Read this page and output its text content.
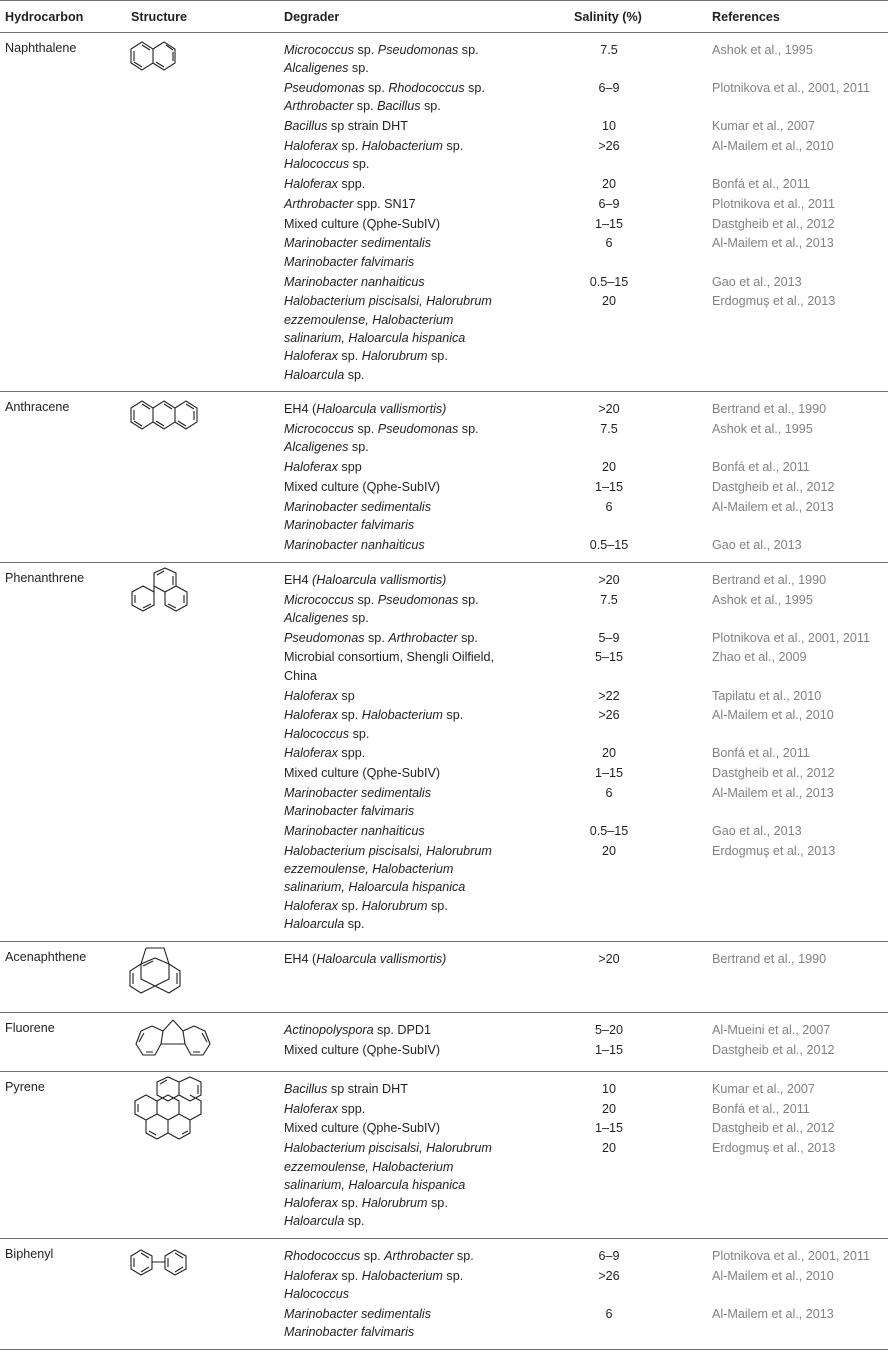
Hydrocarbon	Structure	Degrader	Salinity (%)	References
Naphthalene	Micrococcus sp. Pseudomonas sp.
Alcaligenes sp.
7.5	Ashok et al., 1995
Pseudomonas sp. Rhodococcus sp.
Arthrobacter sp. Bacillus sp.
6–9	Plotnikova et al., 2001, 2011
Bacillus sp strain DHT	10	Kumar et al., 2007
Haloferax sp. Halobacterium sp.
Halococcus sp.
>26	Al-Mailem et al., 2010
Haloferax spp.	20	Bonfá et al., 2011
Arthrobacter spp. SN17	6–9	Plotnikova et al., 2011
Mixed culture (Qphe-SubIV)	1–15	Dastgheib et al., 2012
Marinobacter sedimentalis
Marinobacter falvimaris
6	Al-Mailem et al., 2013
Marinobacter nanhaiticus	0.5–15	Gao et al., 2013
Halobacterium piscisalsi, Halorubrum
ezzemoulense, Halobacterium
salinarium, Haloarcula hispanica
Haloferax sp. Halorubrum sp.
Haloarcula sp.
20	Erdogmuş et al., 2013
Anthracene	EH4 (Haloarcula vallismortis)	>20	Bertrand et al., 1990
Micrococcus sp. Pseudomonas sp.
Alcaligenes sp.
7.5	Ashok et al., 1995
Haloferax spp	20	Bonfá et al., 2011
Mixed culture (Qphe-SubIV)	1–15	Dastgheib et al., 2012
Marinobacter sedimentalis
Marinobacter falvimaris
6	Al-Mailem et al., 2013
Marinobacter nanhaiticus	0.5–15	Gao et al., 2013
Phenanthrene	EH4 (Haloarcula vallismortis)	>20	Bertrand et al., 1990
Micrococcus sp. Pseudomonas sp.
Alcaligenes sp.
7.5	Ashok et al., 1995
Pseudomonas sp. Arthrobacter sp.	5–9	Plotnikova et al., 2001, 2011
Microbial consortium, Shengli Oilfield,
China
5–15	Zhao et al., 2009
Haloferax sp	>22	Tapilatu et al., 2010
Haloferax sp. Halobacterium sp.
Halococcus sp.
>26	Al-Mailem et al., 2010
Haloferax spp.	20	Bonfá et al., 2011
Mixed culture (Qphe-SubIV)	1–15	Dastgheib et al., 2012
Marinobacter sedimentalis
Marinobacter falvimaris
6	Al-Mailem et al., 2013
Marinobacter nanhaiticus	0.5–15	Gao et al., 2013
Halobacterium piscisalsi, Halorubrum
ezzemoulense, Halobacterium
salinarium, Haloarcula hispanica
Haloferax sp. Halorubrum sp.
Haloarcula sp.
20	Erdogmuş et al., 2013
Acenaphthene	EH4 (Haloarcula vallismortis)	>20	Bertrand et al., 1990
Fluorene	Actinopolyspora sp. DPD1	5–20	Al-Mueini et al., 2007
Mixed culture (Qphe-SubIV)	1–15	Dastgheib et al., 2012
Pyrene	Bacillus sp strain DHT	10	Kumar et al., 2007
Haloferax spp.	20	Bonfá et al., 2011
Mixed culture (Qphe-SubIV)	1–15	Dastgheib et al., 2012
Halobacterium piscisalsi, Halorubrum
ezzemoulense, Halobacterium
salinarium, Haloarcula hispanica
Haloferax sp. Halorubrum sp.
Haloarcula sp.
20	Erdogmuş et al., 2013
Biphenyl	Rhodococcus sp. Arthrobacter sp.	6–9	Plotnikova et al., 2001, 2011
Haloferax sp. Halobacterium sp.
Halococcus
>26	Al-Mailem et al., 2010
Marinobacter sedimentalis
Marinobacter falvimaris
6	Al-Mailem et al., 2013
